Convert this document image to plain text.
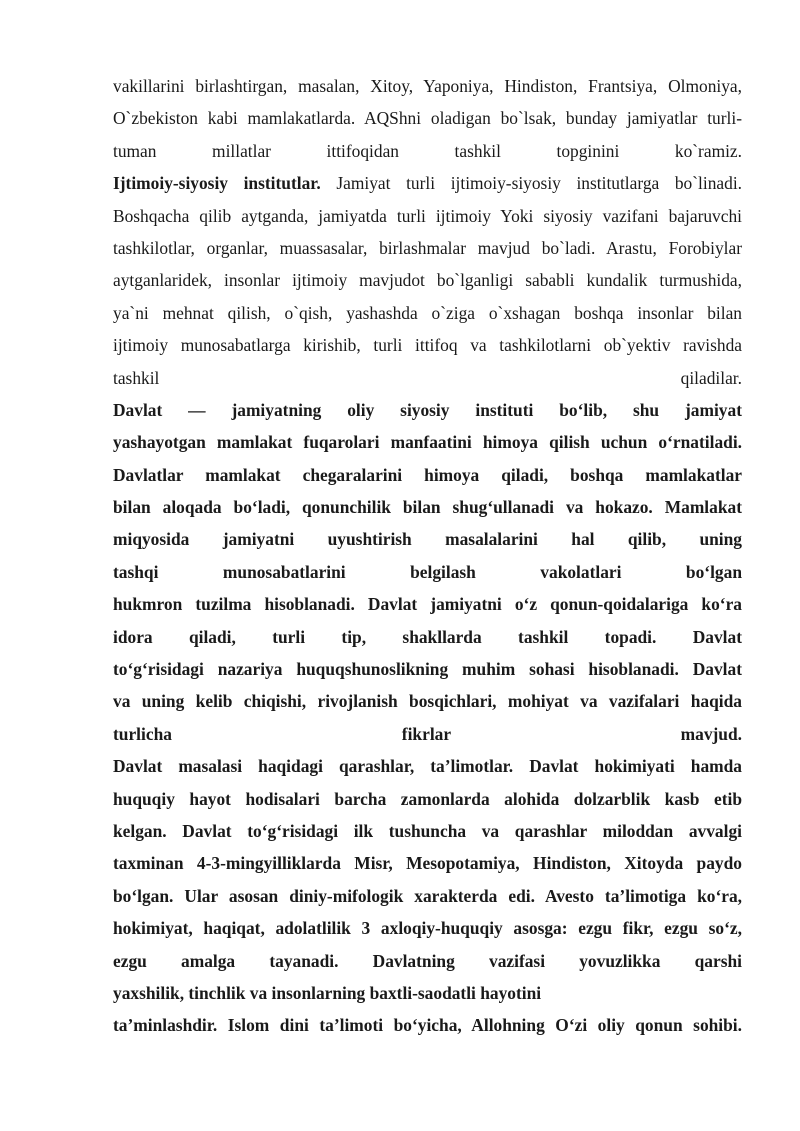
vakillarini birlashtirgan, masalan, Xitoy, Yaponiya, Hindiston, Frantsiya, Olmoniya,
O`zbekiston kabi mamlakatlarda. AQShni oladigan bo`lsak, bunday jamiyatlar turli-
tuman millatlar ittifoqidan tashkil topginini ko`ramiz.
Ijtimoiy-siyosiy institutlar. Jamiyat turli ijtimoiy-siyosiy institutlarga bo`linadi.
Boshqacha qilib aytganda, jamiyatda turli ijtimoiy Yoki siyosiy vazifani bajaruvchi
tashkilotlar, organlar, muassasalar, birlashmalar mavjud bo`ladi. Arastu, Forobiylar
aytganlaridek, insonlar ijtimoiy mavjudot bo`lganligi sababli kundalik turmushida,
ya`ni mehnat qilish, o`qish, yashashda o`ziga o`xshagan boshqa insonlar bilan
ijtimoiy munosabatlarga kirishib, turli ittifoq va tashkilotlarni ob`yektiv ravishda
tashkil qiladilar.
Davlat — jamiyatning oliy siyosiy instituti bo‘lib, shu jamiyat
yashayotgan mamlakat fuqarolari manfaatini himoya qilish uchun o‘rnatiladi.
Davlatlar mamlakat chegaralarini himoya qiladi, boshqa mamlakatlar
bilan aloqada bo‘ladi, qonunchilik bilan shug‘ullanadi va hokazo. Mamlakat
miqyosida jamiyatni uyushtirish masalalarini hal qilib, uning
tashqi munosabatlarini belgilash vakolatlari bo‘lgan
hukmron tuzilma hisoblanadi. Davlat jamiyatni o‘z qonun-qoidalariga ko‘ra
idora qiladi, turli tip, shakllarda tashkil topadi. Davlat
to‘g‘risidagi nazariya huquqshunoslikning muhim sohasi hisoblanadi. Davlat
va uning kelib chiqishi, rivojlanish bosqichlari, mohiyat va vazifalari haqida
turlicha fikrlar mavjud.
Davlat masalasi haqidagi qarashlar, ta’limotlar. Davlat hokimiyati hamda
huquqiy hayot hodisalari barcha zamonlarda alohida dolzarblik kasb etib
kelgan. Davlat to‘g‘risidagi ilk tushuncha va qarashlar miloddan avvalgi
taxminan 4-3-mingyilliklarda Misr, Mesopotamiya, Hindiston, Xitoyda paydo
bo‘lgan. Ular asosan diniy-mifologik xarakterda edi. Avesto ta’limotiga ko‘ra,
hokimiyat, haqiqat, adolatlilik 3 axloqiy-huquqiy asosga: ezgu fikr, ezgu so‘z,
ezgu amalga tayanadi. Davlatning vazifasi yovuzlikka qarshi
yaxshilik, tinchlik va insonlarning baxtli-saodatli hayotini
ta’minlashdir. Islom dini ta’limoti bo‘yicha, Allohning O‘zi oliy qonun sohibi.
